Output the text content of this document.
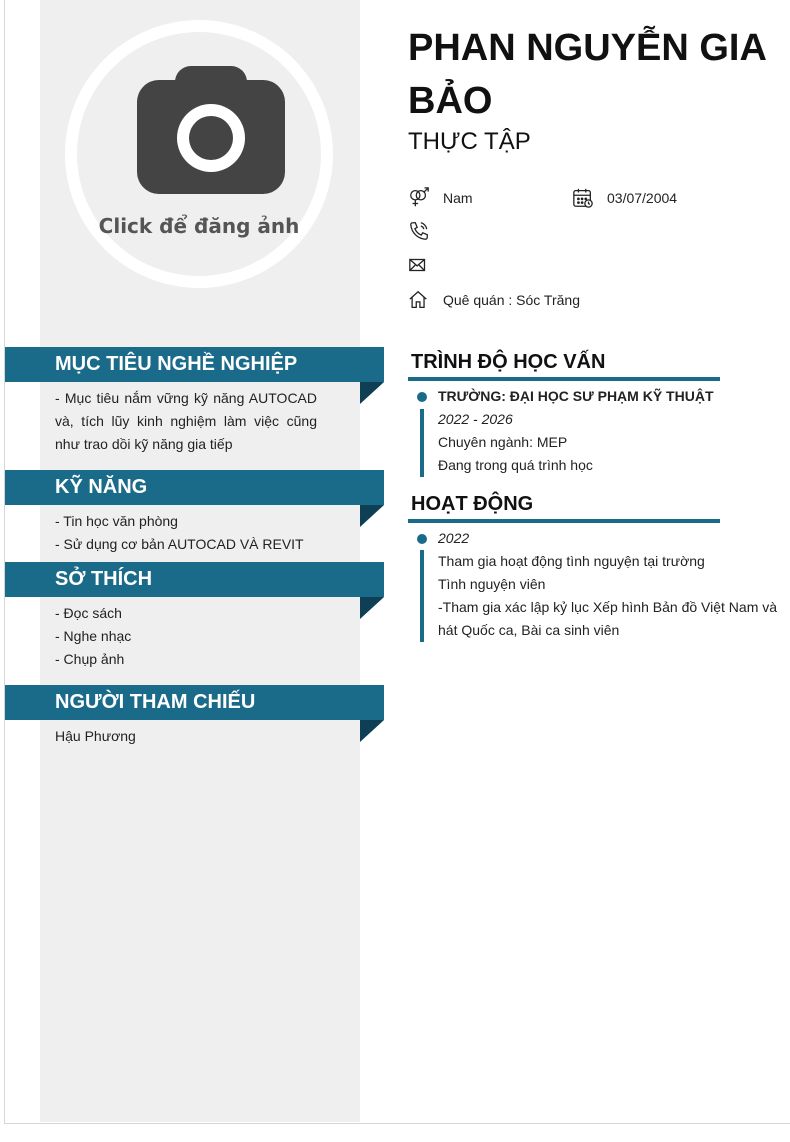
Click để đăng ảnh
PHAN NGUYỄN GIA BẢO
THỰC TẬP
Nam	03/07/2004
Quê quán : Sóc Trăng
MỤC TIÊU NGHỀ NGHIỆP
- Mục tiêu nắm vững kỹ năng AUTOCAD và, tích lũy kinh nghiệm làm việc cũng như trao dồi kỹ năng gia tiếp
KỸ NĂNG
- Tin học văn phòng
- Sử dụng cơ bản AUTOCAD VÀ REVIT
SỞ THÍCH
- Đọc sách
- Nghe nhạc
- Chụp ảnh
NGƯỜI THAM CHIẾU
Hậu Phương
TRÌNH ĐỘ HỌC VẤN
TRƯỜNG: ĐẠI HỌC SƯ PHẠM KỸ THUẬT
2022 - 2026
Chuyên ngành: MEP
Đang trong quá trình học
HOẠT ĐỘNG
2022
Tham gia hoạt động tình nguyện tại trường
Tình nguyện viên
-Tham gia xác lập kỷ lục Xếp hình Bản đồ Việt Nam và hát Quốc ca, Bài ca sinh viên
